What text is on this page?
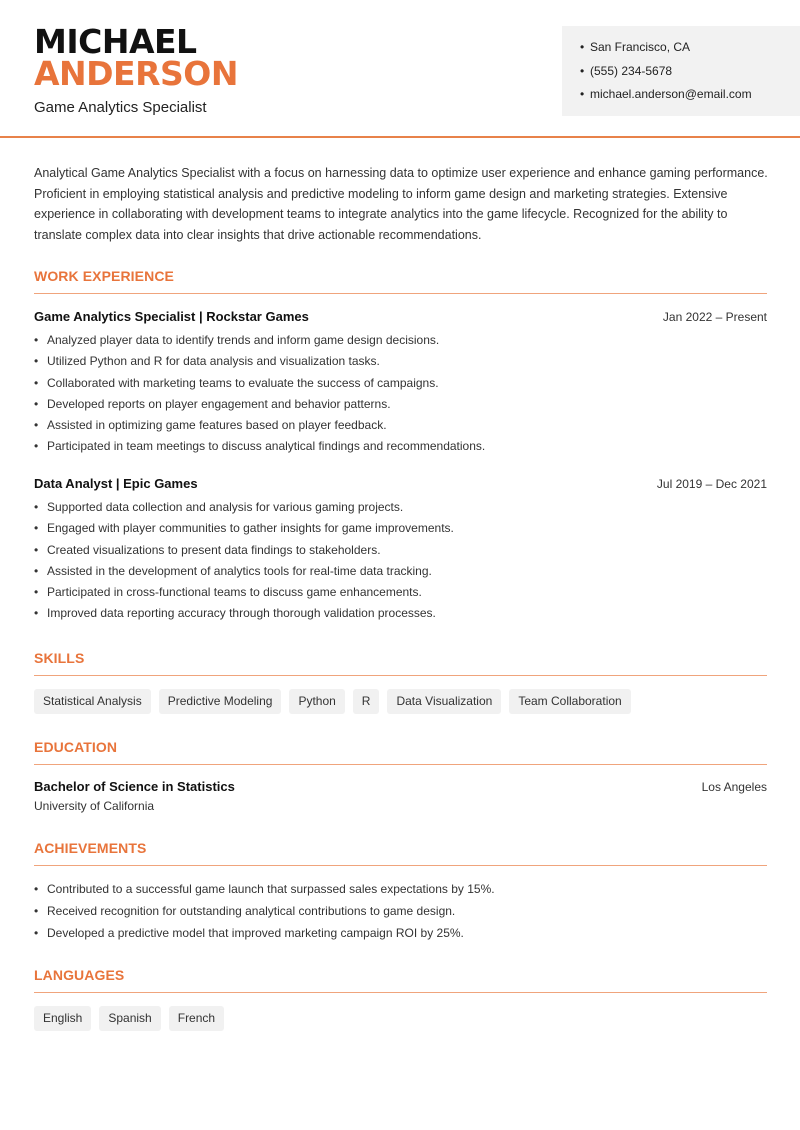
MICHAEL
ANDERSON
Game Analytics Specialist
• San Francisco, CA
• (555) 234-5678
• michael.anderson@email.com

Analytical Game Analytics Specialist with a focus on harnessing data to optimize user experience and enhance gaming performance. Proficient in employing statistical analysis and predictive modeling to inform game design and marketing strategies. Extensive experience in collaborating with development teams to integrate analytics into the game lifecycle. Recognized for the ability to translate complex data into clear insights that drive actionable recommendations.

WORK EXPERIENCE
Game Analytics Specialist | Rockstar Games	Jan 2022 – Present
• Analyzed player data to identify trends and inform game design decisions.
• Utilized Python and R for data analysis and visualization tasks.
• Collaborated with marketing teams to evaluate the success of campaigns.
• Developed reports on player engagement and behavior patterns.
• Assisted in optimizing game features based on player feedback.
• Participated in team meetings to discuss analytical findings and recommendations.
Data Analyst | Epic Games	Jul 2019 – Dec 2021
• Supported data collection and analysis for various gaming projects.
• Engaged with player communities to gather insights for game improvements.
• Created visualizations to present data findings to stakeholders.
• Assisted in the development of analytics tools for real-time data tracking.
• Participated in cross-functional teams to discuss game enhancements.
• Improved data reporting accuracy through thorough validation processes.
SKILLS
Statistical Analysis	Predictive Modeling	Python	R	Data Visualization	Team Collaboration
EDUCATION
Bachelor of Science in Statistics	Los Angeles
University of California
ACHIEVEMENTS
• Contributed to a successful game launch that surpassed sales expectations by 15%.
• Received recognition for outstanding analytical contributions to game design.
• Developed a predictive model that improved marketing campaign ROI by 25%.
LANGUAGES
English	Spanish	French
